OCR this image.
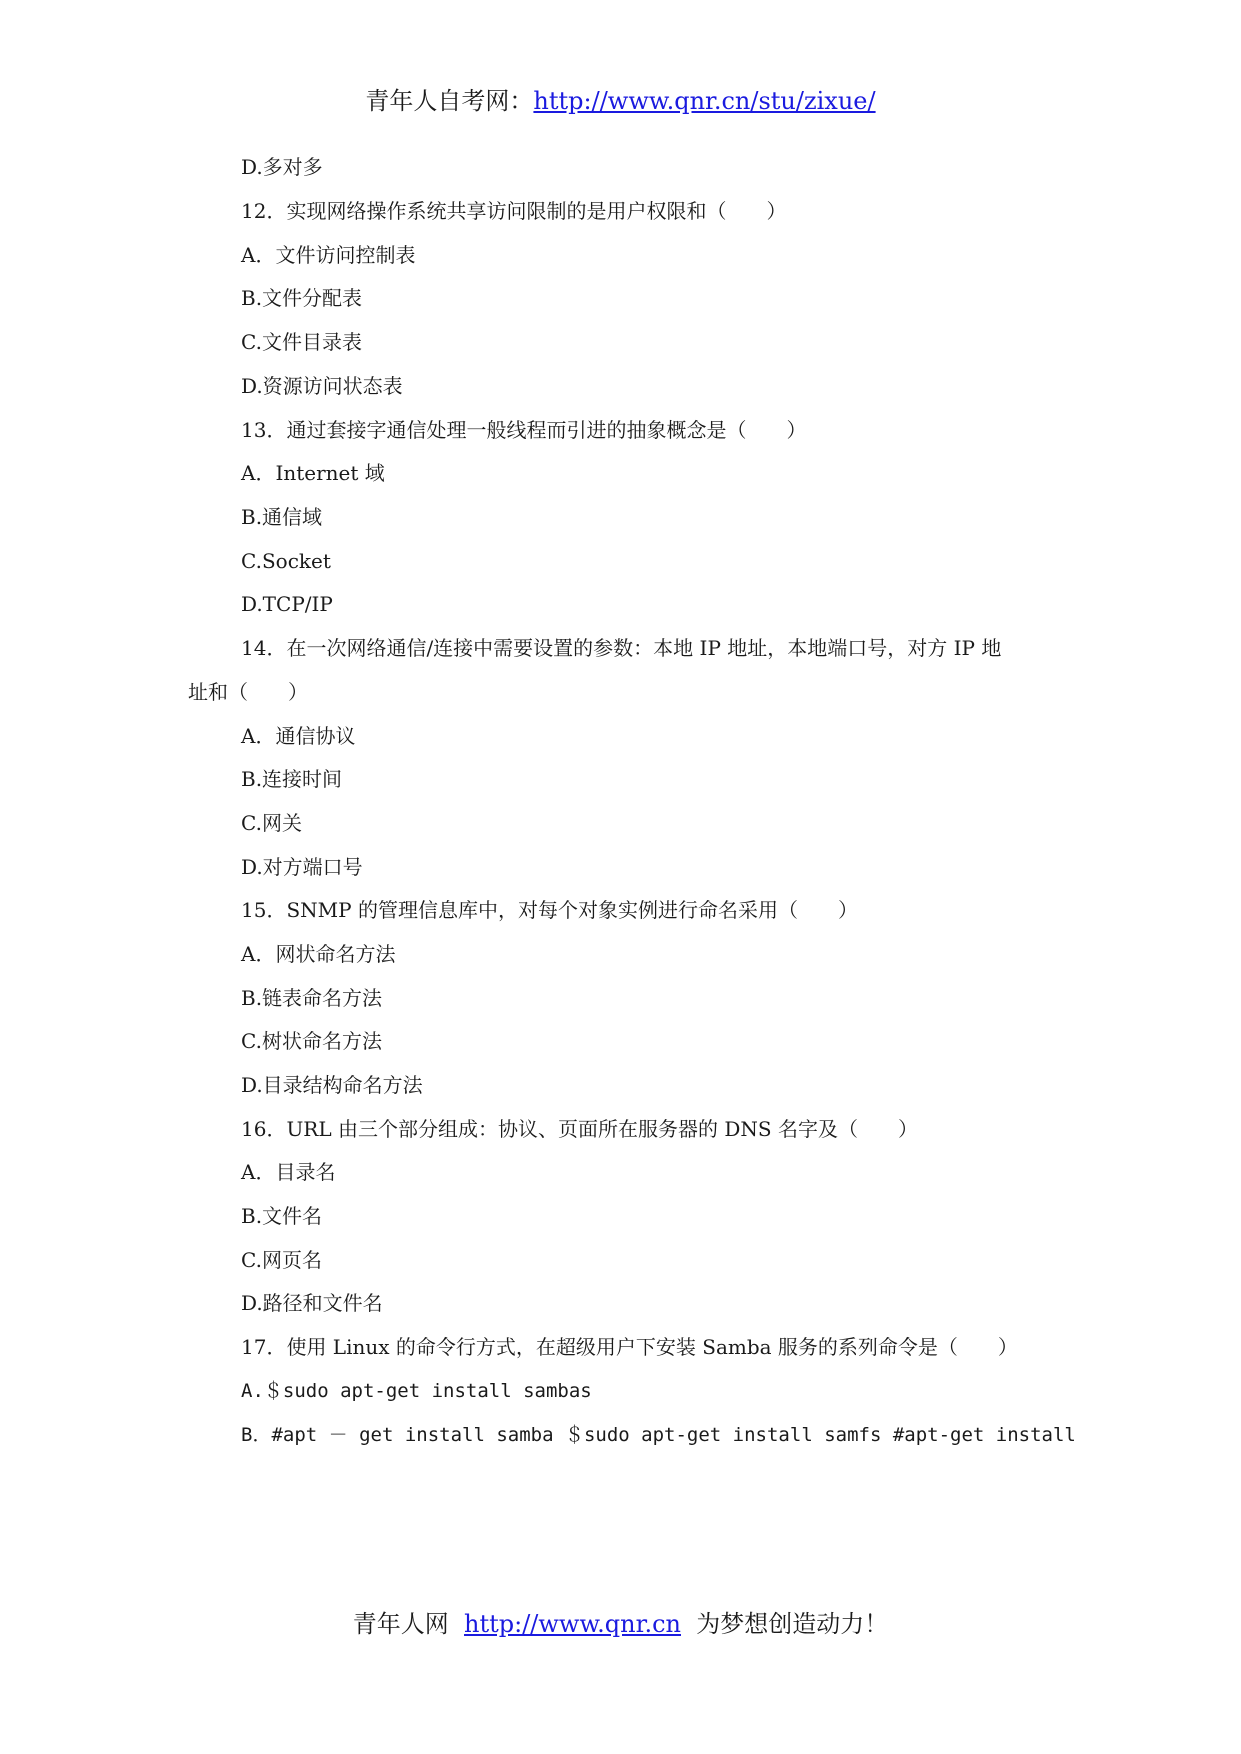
青年人自考网：http://www.qnr.cn/stu/zixue/
D.多对多
12．实现网络操作系统共享访问限制的是用户权限和（　　）
A．文件访问控制表
B.文件分配表
C.文件目录表
D.资源访问状态表
13．通过套接字通信处理一般线程而引进的抽象概念是（　　）
A．Internet 域
B.通信域
C.Socket
D.TCP/IP
14．在一次网络通信/连接中需要设置的参数：本地 IP 地址，本地端口号，对方 IP 地
址和（　　）
A．通信协议
B.连接时间
C.网关
D.对方端口号
15．SNMP 的管理信息库中，对每个对象实例进行命名采用（　　）
A．网状命名方法
B.链表命名方法
C.树状命名方法
D.目录结构命名方法
16．URL 由三个部分组成：协议、页面所在服务器的 DNS 名字及（　　）
A．目录名
B.文件名
C.网页名
D.路径和文件名
17．使用 Linux 的命令行方式，在超级用户下安装 Samba 服务的系列命令是（　　）
A.＄sudo apt-get install sambas
B．#apt － get install samba ＄sudo apt-get install samfs #apt-get install
青年人网 http://www.qnr.cn 为梦想创造动力！
